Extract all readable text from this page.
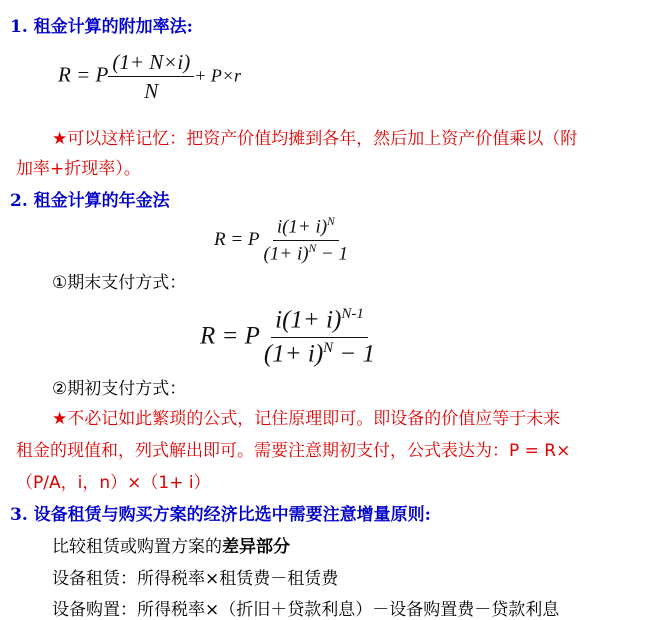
1. 租金计算的附加率法:
R = P $\frac{(1+ N\times i)}{N} + P\times r$
★可以这样记忆：把资产价值均摊到各年，然后加上资产价值乘以（附
加率+折现率）。
2. 租金计算的年金法
R = P $\frac{i(1+ i)^N}{(1+ i)^N - 1}$
①期末支付方式：
R = P $\frac{i(1+ i)^{N-1}}{(1+ i)^N - 1}$
②期初支付方式：
★不必记如此繁琐的公式，记住原理即可。即设备的价值应等于未来
租金的现值和，列式解出即可。需要注意期初支付，公式表达为：P = R×
（P/A，i，n）×（1+ i）
3. 设备租赁与购买方案的经济比选中需要注意增量原则:
比较租赁或购置方案的差异部分
设备租赁：所得税率×租赁费－租赁费
设备购置：所得税率×（折旧＋贷款利息）－设备购置费－贷款利息
